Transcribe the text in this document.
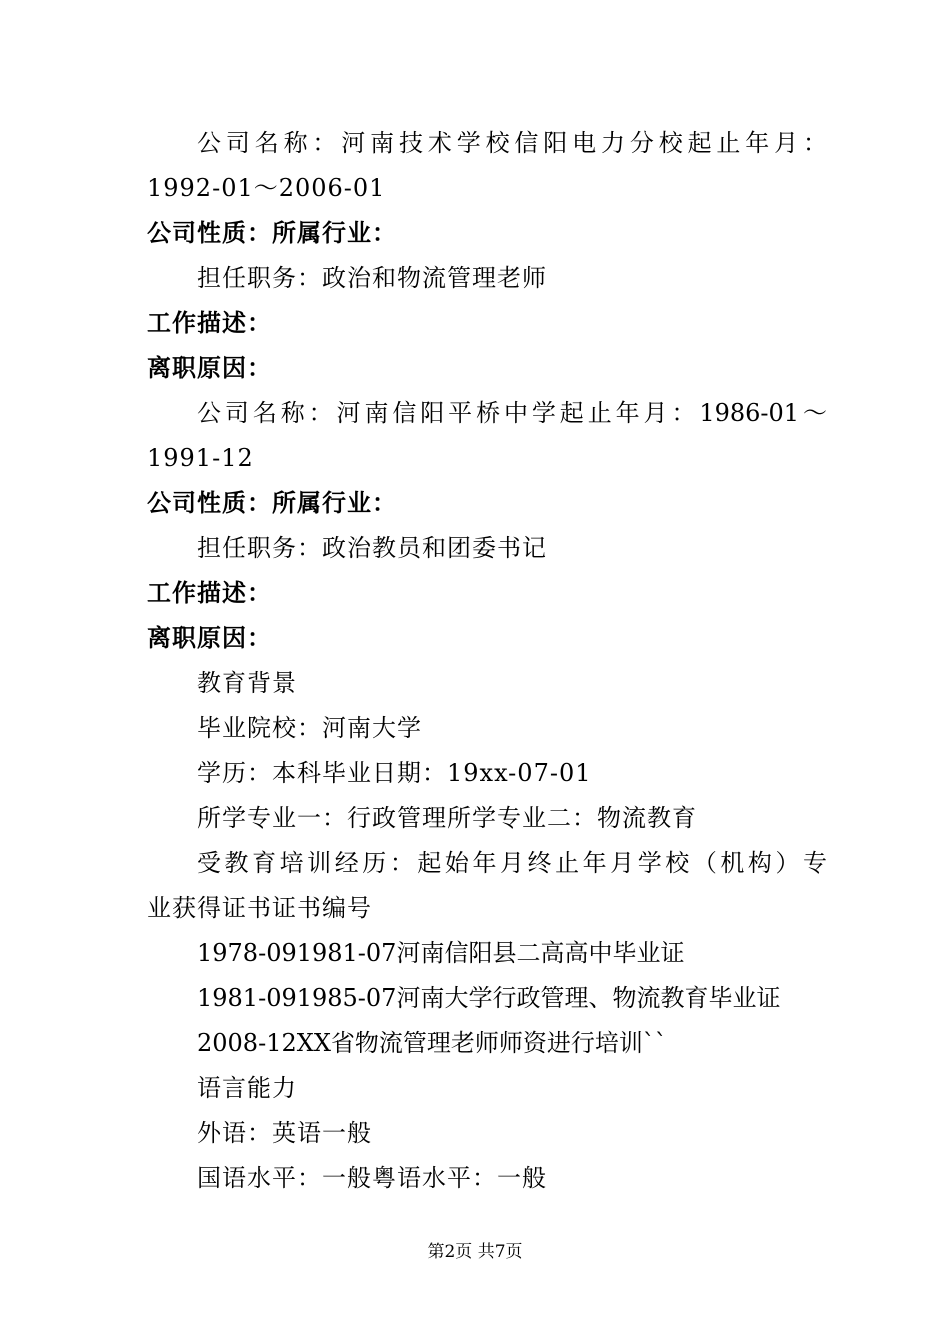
公司名称：河南技术学校信阳电力分校起止年月：
1992-01～2006-01
公司性质：所属行业：
担任职务：政治和物流管理老师
工作描述：
离职原因：
公司名称：河南信阳平桥中学起止年月：1986-01～
1991-12
公司性质：所属行业：
担任职务：政治教员和团委书记
工作描述：
离职原因：
教育背景
毕业院校：河南大学
学历：本科毕业日期：19xx-07-01
所学专业一：行政管理所学专业二：物流教育
受教育培训经历：起始年月终止年月学校（机构）专
业获得证书证书编号
1978-091981-07河南信阳县二高高中毕业证
1981-091985-07河南大学行政管理、物流教育毕业证
2008-12XX省物流管理老师师资进行培训``
语言能力
外语：英语一般
国语水平：一般粤语水平：一般
第2页 共7页
